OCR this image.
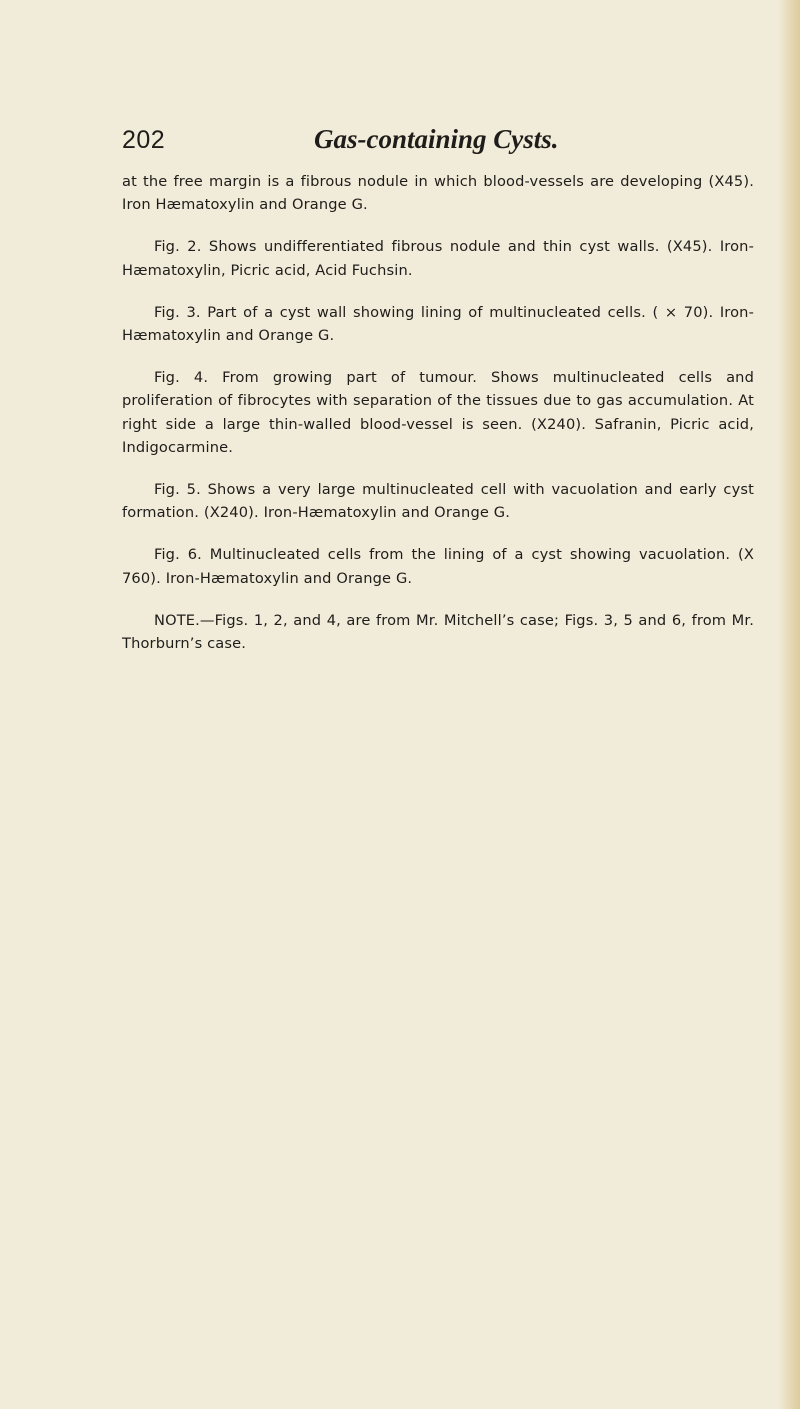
202	Gas-containing Cysts.

at the free margin is a fibrous nodule in which blood-vessels are developing (X45). Iron Hæmatoxylin and Orange G.

Fig. 2. Shows undifferentiated fibrous nodule and thin cyst walls. (X45). Iron-Hæmatoxylin, Picric acid, Acid Fuchsin.

Fig. 3. Part of a cyst wall showing lining of multinucleated cells. ( × 70). Iron-Hæmatoxylin and Orange G.

Fig. 4. From growing part of tumour. Shows multinucleated cells and proliferation of fibrocytes with separation of the tissues due to gas accumulation. At right side a large thin-walled blood-vessel is seen. (X240). Safranin, Picric acid, Indigocarmine.

Fig. 5. Shows a very large multinucleated cell with vacuolation and early cyst formation. (X240). Iron-Hæmatoxylin and Orange G.

Fig. 6. Multinucleated cells from the lining of a cyst showing vacuolation. (X 760). Iron-Hæmatoxylin and Orange G.

NOTE.—Figs. 1, 2, and 4, are from Mr. Mitchell’s case; Figs. 3, 5 and 6, from Mr. Thorburn’s case.
